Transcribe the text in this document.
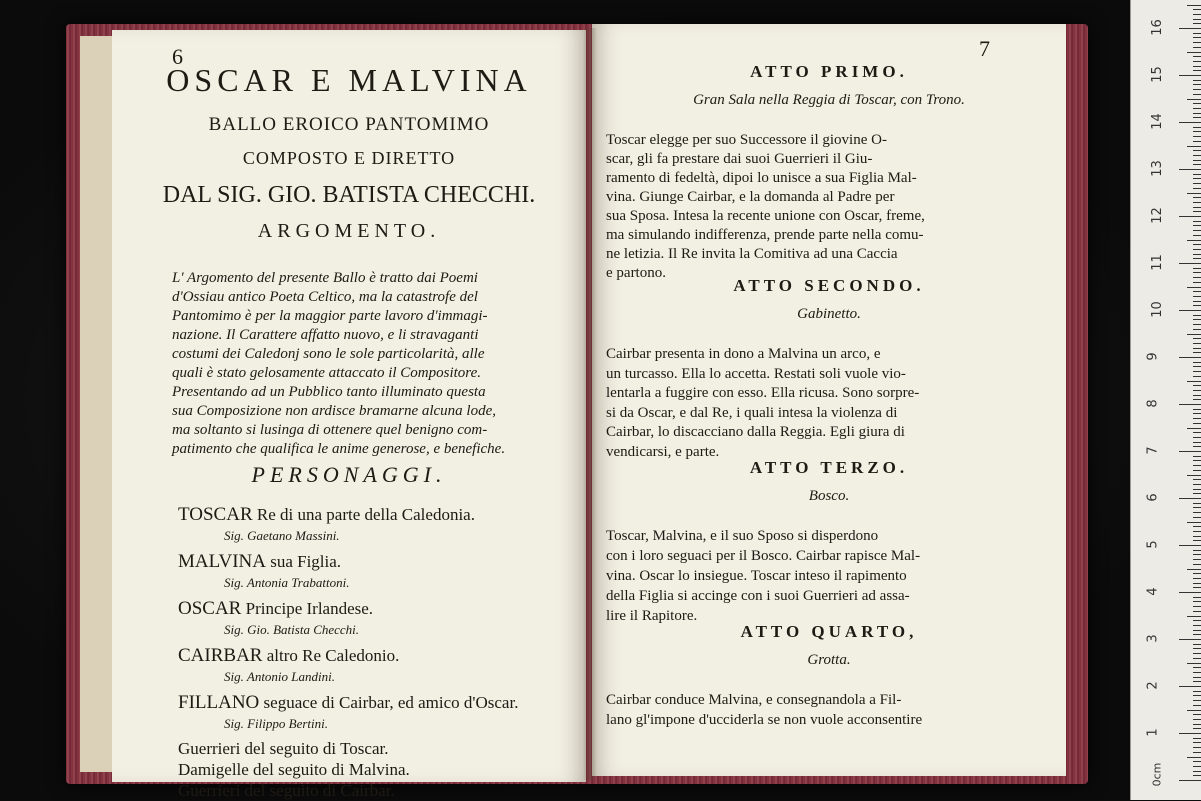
6
OSCAR E MALVINA
BALLO EROICO PANTOMIMO
COMPOSTO E DIRETTO
DAL SIG. GIO. BATISTA CHECCHI.
ARGOMENTO.
L' Argomento del presente Ballo è tratto dai Poemi
d'Ossiau antico Poeta Celtico, ma la catastrofe del
Pantomimo è per la maggior parte lavoro d'immagi-
nazione. Il Carattere affatto nuovo, e li stravaganti
costumi dei Caledonj sono le sole particolarità, alle
quali è stato gelosamente attaccato il Compositore.
Presentando ad un Pubblico tanto illuminato questa
sua Composizione non ardisce bramarne alcuna lode,
ma soltanto si lusinga di ottenere quel benigno com-
patimento che qualifica le anime generose, e benefiche.
PERSONAGGI.
TOSCAR Re di una parte della Caledonia.
Sig. Gaetano Massini.
MALVINA sua Figlia.
Sig. Antonia Trabattoni.
OSCAR Principe Irlandese.
Sig. Gio. Batista Checchi.
CAIRBAR altro Re Caledonio.
Sig. Antonio Landini.
FILLANO seguace di Cairbar, ed amico d'Oscar.
Sig. Filippo Bertini.
Guerrieri del seguito di Toscar.
Damigelle del seguito di Malvina.
Guerrieri del seguito di Cairbar.
7
ATTO PRIMO.
Gran Sala nella Reggia di Toscar, con Trono.
Toscar elegge per suo Successore il giovine O-
scar, gli fa prestare dai suoi Guerrieri il Giu-
ramento di fedeltà, dipoi lo unisce a sua Figlia Mal-
vina. Giunge Cairbar, e la domanda al Padre per
sua Sposa. Intesa la recente unione con Oscar, freme,
ma simulando indifferenza, prende parte nella comu-
ne letizia. Il Re invita la Comitiva ad una Caccia
e partono.
ATTO SECONDO.
Gabinetto.
Cairbar presenta in dono a Malvina un arco, e
un turcasso. Ella lo accetta. Restati soli vuole vio-
lentarla a fuggire con esso. Ella ricusa. Sono sorpre-
si da Oscar, e dal Re, i quali intesa la violenza di
Cairbar, lo discacciano dalla Reggia. Egli giura di
vendicarsi, e parte.
ATTO TERZO.
Bosco.
Toscar, Malvina, e il suo Sposo si disperdono
con i loro seguaci per il Bosco. Cairbar rapisce Mal-
vina. Oscar lo insiegue. Toscar inteso il rapimento
della Figlia si accinge con i suoi Guerrieri ad assa-
lire il Rapitore.
ATTO QUARTO,
Grotta.
Cairbar conduce Malvina, e consegnandola a Fil-
lano gl'impone d'ucciderla se non vuole acconsentire
0cm
1
2
3
4
5
6
7
8
9
10
11
12
13
14
15
16
